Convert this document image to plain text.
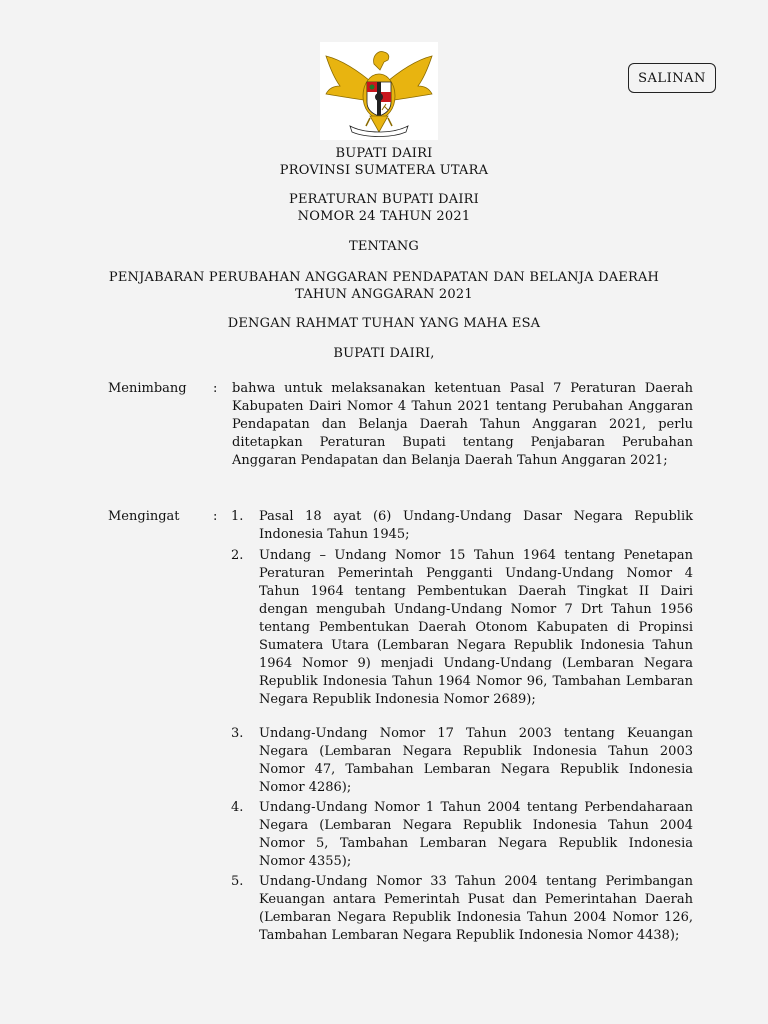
SALINAN
BUPATI DAIRI
PROVINSI SUMATERA UTARA
PERATURAN BUPATI DAIRI
NOMOR 24 TAHUN 2021
TENTANG
PENJABARAN PERUBAHAN ANGGARAN PENDAPATAN DAN BELANJA DAERAH
TAHUN ANGGARAN 2021
DENGAN RAHMAT TUHAN YANG MAHA ESA
BUPATI DAIRI,
Menimbang : bahwa untuk melaksanakan ketentuan Pasal 7 Peraturan Daerah Kabupaten Dairi Nomor 4 Tahun 2021 tentang Perubahan Anggaran Pendapatan dan Belanja Daerah Tahun Anggaran 2021, perlu ditetapkan Peraturan Bupati tentang Penjabaran Perubahan Anggaran Pendapatan dan Belanja Daerah Tahun Anggaran 2021;
Mengingat	: 1. Pasal 18 ayat (6) Undang-Undang Dasar Negara Republik Indonesia Tahun 1945;
2. Undang – Undang Nomor 15 Tahun 1964 tentang Penetapan Peraturan Pemerintah Pengganti Undang-Undang Nomor 4 Tahun 1964 tentang Pembentukan Daerah Tingkat II Dairi dengan mengubah Undang-Undang Nomor 7 Drt Tahun 1956 tentang Pembentukan Daerah Otonom Kabupaten di Propinsi Sumatera Utara (Lembaran Negara Republik Indonesia Tahun 1964 Nomor 9) menjadi Undang-Undang (Lembaran Negara Republik Indonesia Tahun 1964 Nomor 96, Tambahan Lembaran Negara Republik Indonesia Nomor 2689);
3. Undang-Undang Nomor 17 Tahun 2003 tentang Keuangan Negara (Lembaran Negara Republik Indonesia Tahun 2003 Nomor 47, Tambahan Lembaran Negara Republik Indonesia Nomor 4286);
4. Undang-Undang Nomor 1 Tahun 2004 tentang Perbendaharaan Negara (Lembaran Negara Republik Indonesia Tahun 2004 Nomor 5, Tambahan Lembaran Negara Republik Indonesia Nomor 4355);
5. Undang-Undang Nomor 33 Tahun 2004 tentang Perimbangan Keuangan antara Pemerintah Pusat dan Pemerintahan Daerah (Lembaran Negara Republik Indonesia Tahun 2004 Nomor 126, Tambahan Lembaran Negara Republik Indonesia Nomor 4438);
